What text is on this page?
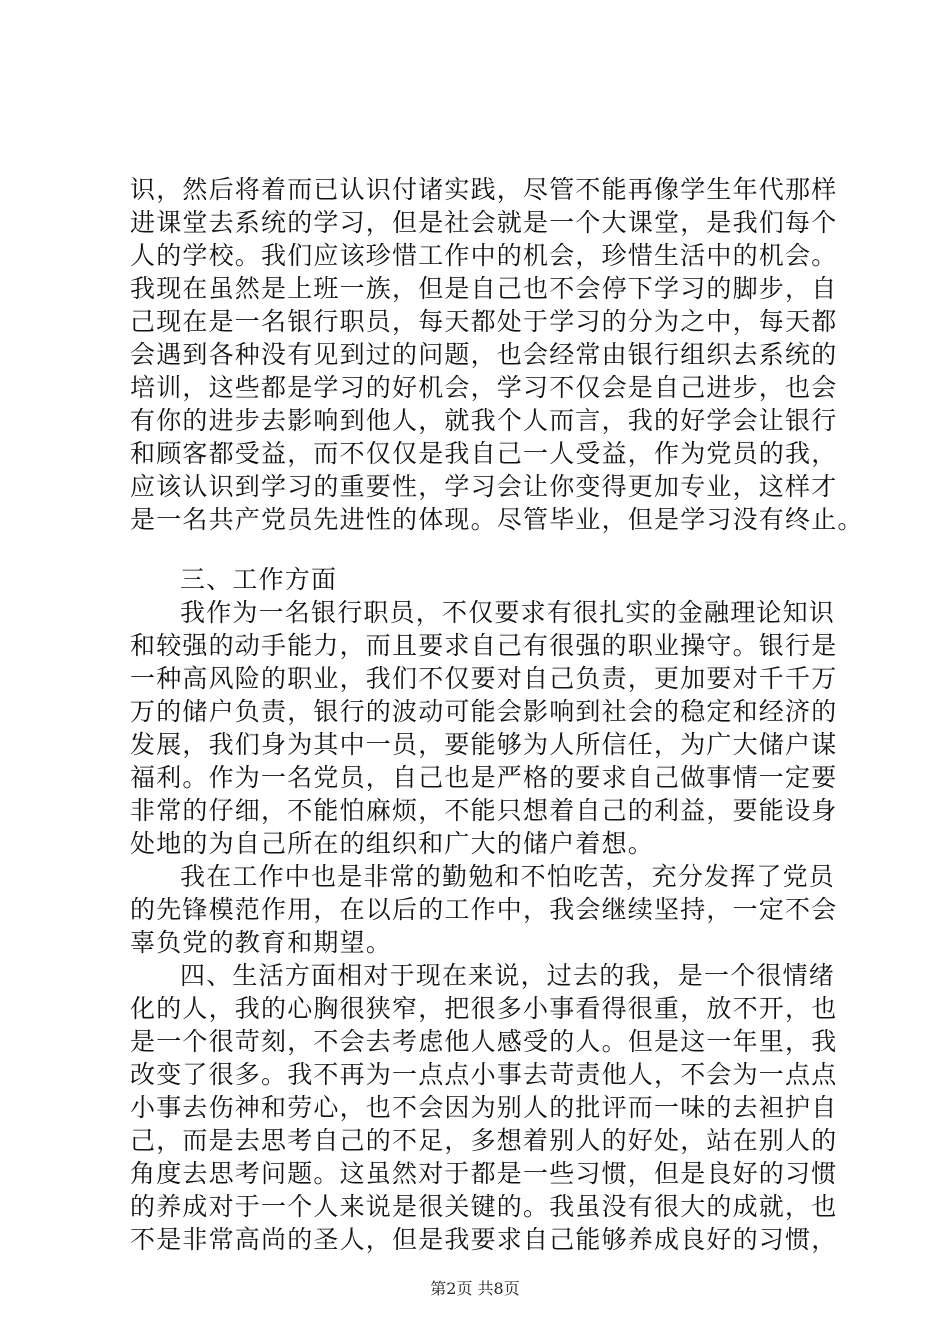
识，然后将着而已认识付诸实践，尽管不能再像学生年代那样
进课堂去系统的学习，但是社会就是一个大课堂，是我们每个
人的学校。我们应该珍惜工作中的机会，珍惜生活中的机会。
我现在虽然是上班一族，但是自己也不会停下学习的脚步，自
己现在是一名银行职员，每天都处于学习的分为之中，每天都
会遇到各种没有见到过的问题，也会经常由银行组织去系统的
培训，这些都是学习的好机会，学习不仅会是自己进步，也会
有你的进步去影响到他人，就我个人而言，我的好学会让银行
和顾客都受益，而不仅仅是我自己一人受益，作为党员的我，
应该认识到学习的重要性，学习会让你变得更加专业，这样才
是一名共产党员先进性的体现。尽管毕业，但是学习没有终止。
三、工作方面
我作为一名银行职员，不仅要求有很扎实的金融理论知识
和较强的动手能力，而且要求自己有很强的职业操守。银行是
一种高风险的职业，我们不仅要对自己负责，更加要对千千万
万的储户负责，银行的波动可能会影响到社会的稳定和经济的
发展，我们身为其中一员，要能够为人所信任，为广大储户谋
福利。作为一名党员，自己也是严格的要求自己做事情一定要
非常的仔细，不能怕麻烦，不能只想着自己的利益，要能设身
处地的为自己所在的组织和广大的储户着想。
我在工作中也是非常的勤勉和不怕吃苦，充分发挥了党员
的先锋模范作用，在以后的工作中，我会继续坚持，一定不会
辜负党的教育和期望。
四、生活方面相对于现在来说，过去的我，是一个很情绪
化的人，我的心胸很狭窄，把很多小事看得很重，放不开，也
是一个很苛刻，不会去考虑他人感受的人。但是这一年里，我
改变了很多。我不再为一点点小事去苛责他人，不会为一点点
小事去伤神和劳心，也不会因为别人的批评而一味的去袒护自
己，而是去思考自己的不足，多想着别人的好处，站在别人的
角度去思考问题。这虽然对于都是一些习惯，但是良好的习惯
的养成对于一个人来说是很关键的。我虽没有很大的成就，也
不是非常高尚的圣人，但是我要求自己能够养成良好的习惯，
第2页 共8页
